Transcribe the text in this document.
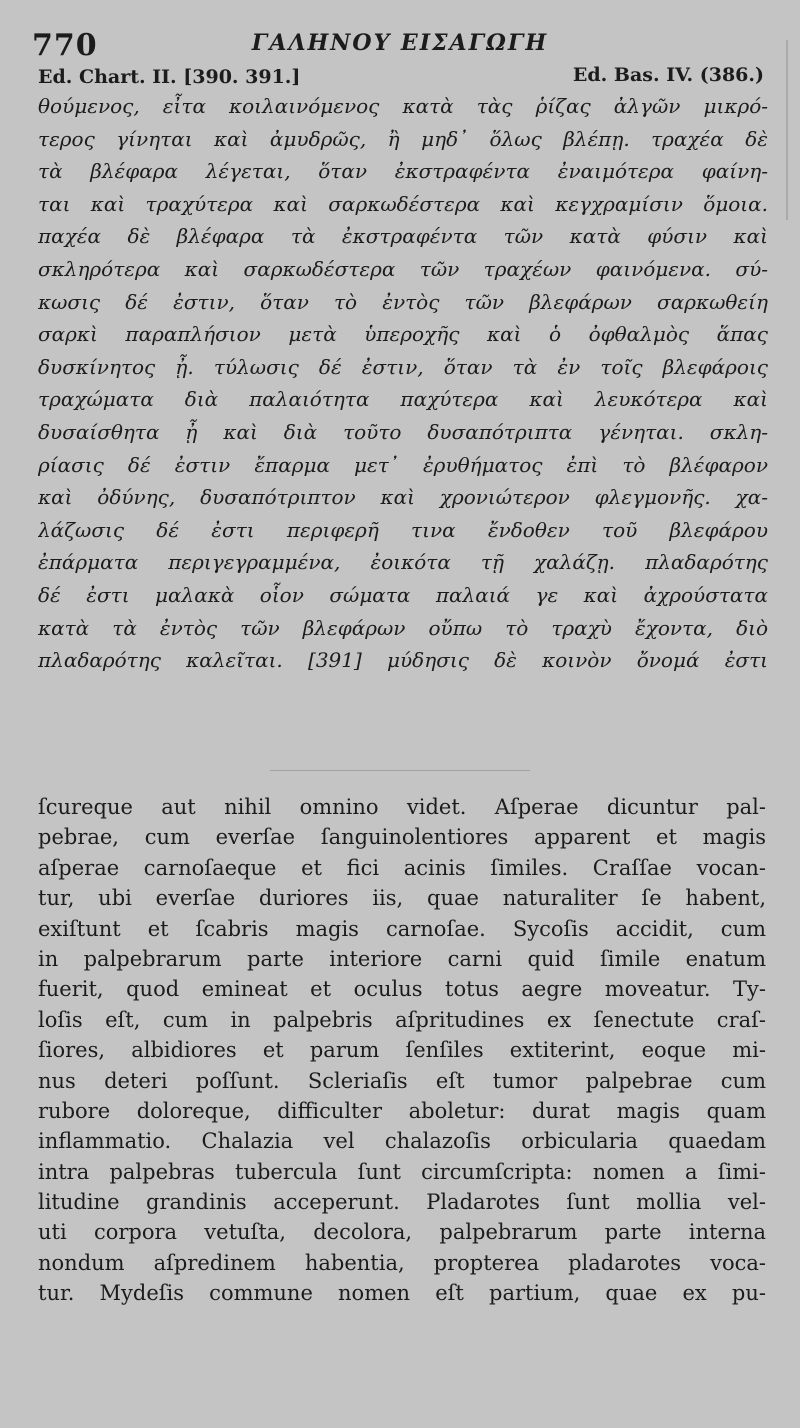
770	ΓΑΛΗΝΟΥ ΕΙΣΑΓΩΓΗ
Ed. Chart. II. [390. 391.]	Ed. Bas. IV. (386.)
θούμενος, εἶτα κοιλαινόμενος κατὰ τὰς ῥίζας ἀλγῶν μικρό-
τερος γίνηται καὶ ἀμυδρῶς, ἢ μηδ᾽ ὅλως βλέπῃ. τραχέα δὲ
τὰ βλέφαρα λέγεται, ὅταν ἐκστραφέντα ἐναιμότερα φαίνη-
ται καὶ τραχύτερα καὶ σαρκωδέστερα καὶ κεγχραμίσιν ὅμοια.
παχέα δὲ βλέφαρα τὰ ἐκστραφέντα τῶν κατὰ φύσιν καὶ
σκληρότερα καὶ σαρκωδέστερα τῶν τραχέων φαινόμενα. σύ-
κωσις δέ ἐστιν, ὅταν τὸ ἐντὸς τῶν βλεφάρων σαρκωθείη
σαρκὶ παραπλήσιον μετὰ ὑπεροχῆς καὶ ὁ ὀφθαλμὸς ἅπας
δυσκίνητος ᾖ. τύλωσις δέ ἐστιν, ὅταν τὰ ἐν τοῖς βλεφάροις
τραχώματα διὰ παλαιότητα παχύτερα καὶ λευκότερα καὶ
δυσαίσθητα ᾖ καὶ διὰ τοῦτο δυσαπότριπτα γένηται. σκλη-
ρίασις δέ ἐστιν ἔπαρμα μετ᾽ ἐρυθήματος ἐπὶ τὸ βλέφαρον
καὶ ὀδύνης, δυσαπότριπτον καὶ χρονιώτερον φλεγμονῆς. χα-
λάζωσις δέ ἐστι περιφερῆ τινα ἔνδοθεν τοῦ βλεφάρου
ἐπάρματα περιγεγραμμένα, ἐοικότα τῇ χαλάζῃ. πλαδαρότης
δέ ἐστι μαλακὰ οἷον σώματα παλαιά γε καὶ ἀχρούστατα
κατὰ τὰ ἐντὸς τῶν βλεφάρων οὔπω τὸ τραχὺ ἔχοντα, διὸ
πλαδαρότης καλεῖται. [391] μύδησις δὲ κοινὸν ὄνομά ἐστι
ſcureque aut nihil omnino videt. Aſperae dicuntur pal-
pebrae, cum everſae ſanguinolentiores apparent et magis
aſperae carnoſaeque et fici acinis ſimiles. Craſſae vocan-
tur, ubi everſae duriores iis, quae naturaliter ſe habent,
exiſtunt et ſcabris magis carnoſae. Sycoſis accidit, cum
in palpebrarum parte interiore carni quid ſimile enatum
fuerit, quod emineat et oculus totus aegre moveatur. Ty-
loſis eſt, cum in palpebris aſpritudines ex ſenectute craſ-
ſiores, albidiores et parum ſenſiles extiterint, eoque mi-
nus deteri poſſunt. Scleriaſis eſt tumor palpebrae cum
rubore doloreque, difficulter aboletur: durat magis quam
inflammatio. Chalazia vel chalazoſis orbicularia quaedam
intra palpebras tubercula ſunt circumſcripta: nomen a ſimi-
litudine grandinis acceperunt. Pladarotes ſunt mollia vel-
uti corpora vetuſta, decolora, palpebrarum parte interna
nondum aſpredinem habentia, propterea pladarotes voca-
tur. Mydeſis commune nomen eſt partium, quae ex pu-
